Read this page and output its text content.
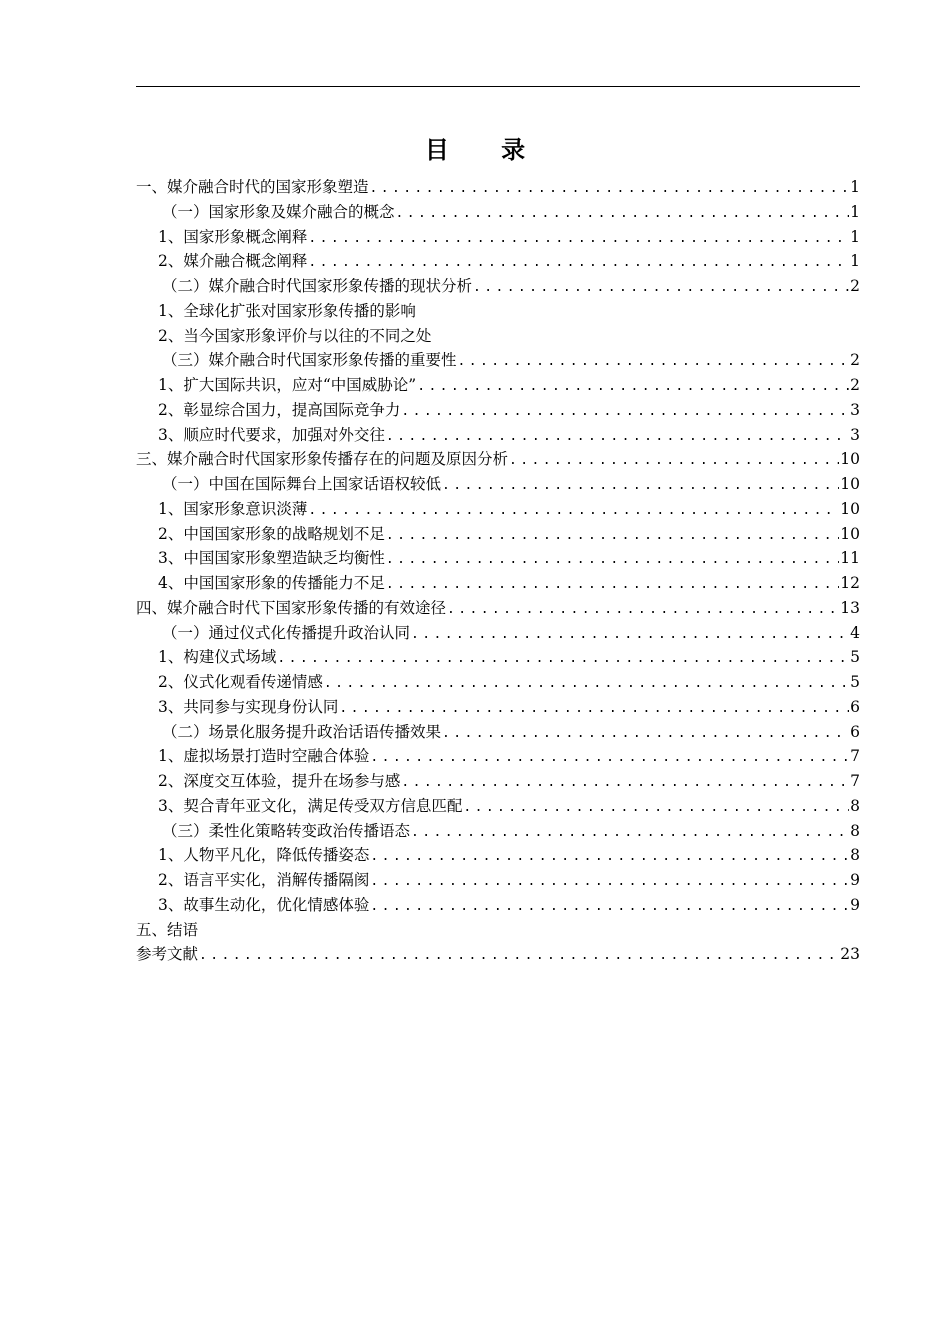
目 录
一、媒介融合时代的国家形象塑造 .....	1
（一）国家形象及媒介融合的概念 .....	1
1、国家形象概念阐释 .....	1
2、媒介融合概念阐释 .....	1
（二）媒介融合时代国家形象传播的现状分析 .....	2
1、全球化扩张对国家形象传播的影响
2、当今国家形象评价与以往的不同之处
（三）媒介融合时代国家形象传播的重要性 .....	2
1、扩大国际共识，应对“中国威胁论” .....	2
2、彰显综合国力，提高国际竞争力 .....	3
3、顺应时代要求，加强对外交往 .....	3
三、媒介融合时代国家形象传播存在的问题及原因分析 .....	10
（一）中国在国际舞台上国家话语权较低 .....	10
1、国家形象意识淡薄 .....	10
2、中国国家形象的战略规划不足 .....	10
3、中国国家形象塑造缺乏均衡性 .....	11
4、中国国家形象的传播能力不足 .....	12
四、媒介融合时代下国家形象传播的有效途径 .....	13
（一）通过仪式化传播提升政治认同 .....	4
1、构建仪式场域 .....	5
2、仪式化观看传递情感 .....	5
3、共同参与实现身份认同 .....	6
（二）场景化服务提升政治话语传播效果 .....	6
1、虚拟场景打造时空融合体验 .....	7
2、深度交互体验，提升在场参与感 .....	7
3、契合青年亚文化，满足传受双方信息匹配 .....	8
（三）柔性化策略转变政治传播语态 .....	8
1、人物平凡化，降低传播姿态 .....	8
2、语言平实化，消解传播隔阂 .....	9
3、故事生动化，优化情感体验 .....	9
五、结语
参考文献 .....	23
